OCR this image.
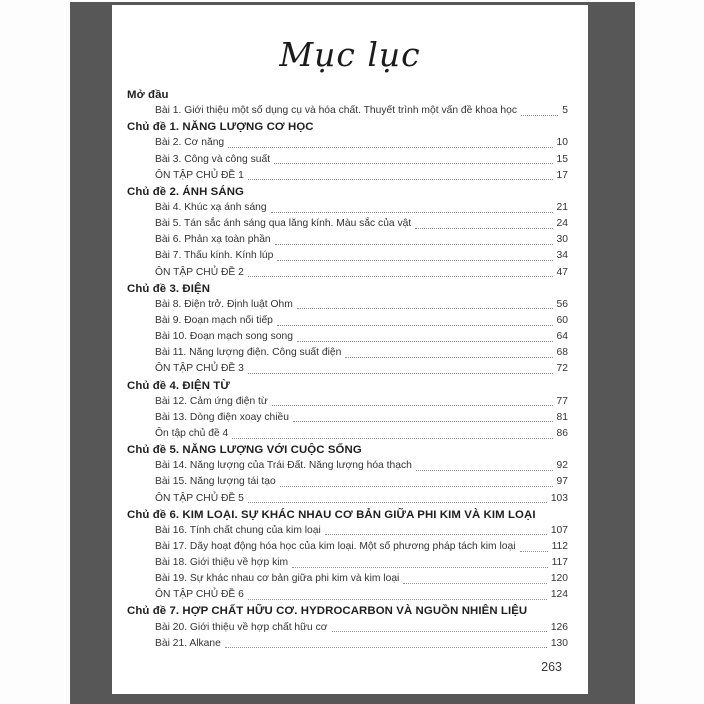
Mục lục
Mở đầu
Bài 1. Giới thiệu một số dụng cụ và hóa chất. Thuyết trình một vấn đề khoa học	5
Chủ đề 1. NĂNG LƯỢNG CƠ HỌC
Bài 2. Cơ năng	10
Bài 3. Công và công suất	15
ÔN TẬP CHỦ ĐỀ 1	17
Chủ đề 2. ÁNH SÁNG
Bài 4. Khúc xạ ánh sáng	21
Bài 5. Tán sắc ánh sáng qua lăng kính. Màu sắc của vật	24
Bài 6. Phản xạ toàn phần	30
Bài 7. Thấu kính. Kính lúp	34
ÔN TẬP CHỦ ĐỀ 2	47
Chủ đề 3. ĐIỆN
Bài 8. Điện trở. Định luật Ohm	56
Bài 9. Đoạn mạch nối tiếp	60
Bài 10. Đoạn mạch song song	64
Bài 11. Năng lượng điện. Công suất điện	68
ÔN TẬP CHỦ ĐỀ 3	72
Chủ đề 4. ĐIỆN TỪ
Bài 12. Cảm ứng điện từ	77
Bài 13. Dòng điện xoay chiều	81
Ôn tập chủ đề 4	86
Chủ đề 5. NĂNG LƯỢNG VỚI CUỘC SỐNG
Bài 14. Năng lượng của Trái Đất. Năng lượng hóa thạch	92
Bài 15. Năng lượng tái tạo	97
ÔN TẬP CHỦ ĐỀ 5	103
Chủ đề 6. KIM LOẠI. SỰ KHÁC NHAU CƠ BẢN GIỮA PHI KIM VÀ KIM LOẠI
Bài 16. Tính chất chung của kim loại	107
Bài 17. Dãy hoạt động hóa học của kim loại. Một số phương pháp tách kim loại	112
Bài 18. Giới thiệu về hợp kim	117
Bài 19. Sự khác nhau cơ bản giữa phi kim và kim loại	120
ÔN TẬP CHỦ ĐỀ 6	124
Chủ đề 7. HỢP CHẤT HỮU CƠ. HYDROCARBON VÀ NGUỒN NHIÊN LIỆU
Bài 20. Giới thiệu về hợp chất hữu cơ	126
Bài 21. Alkane	130
263
